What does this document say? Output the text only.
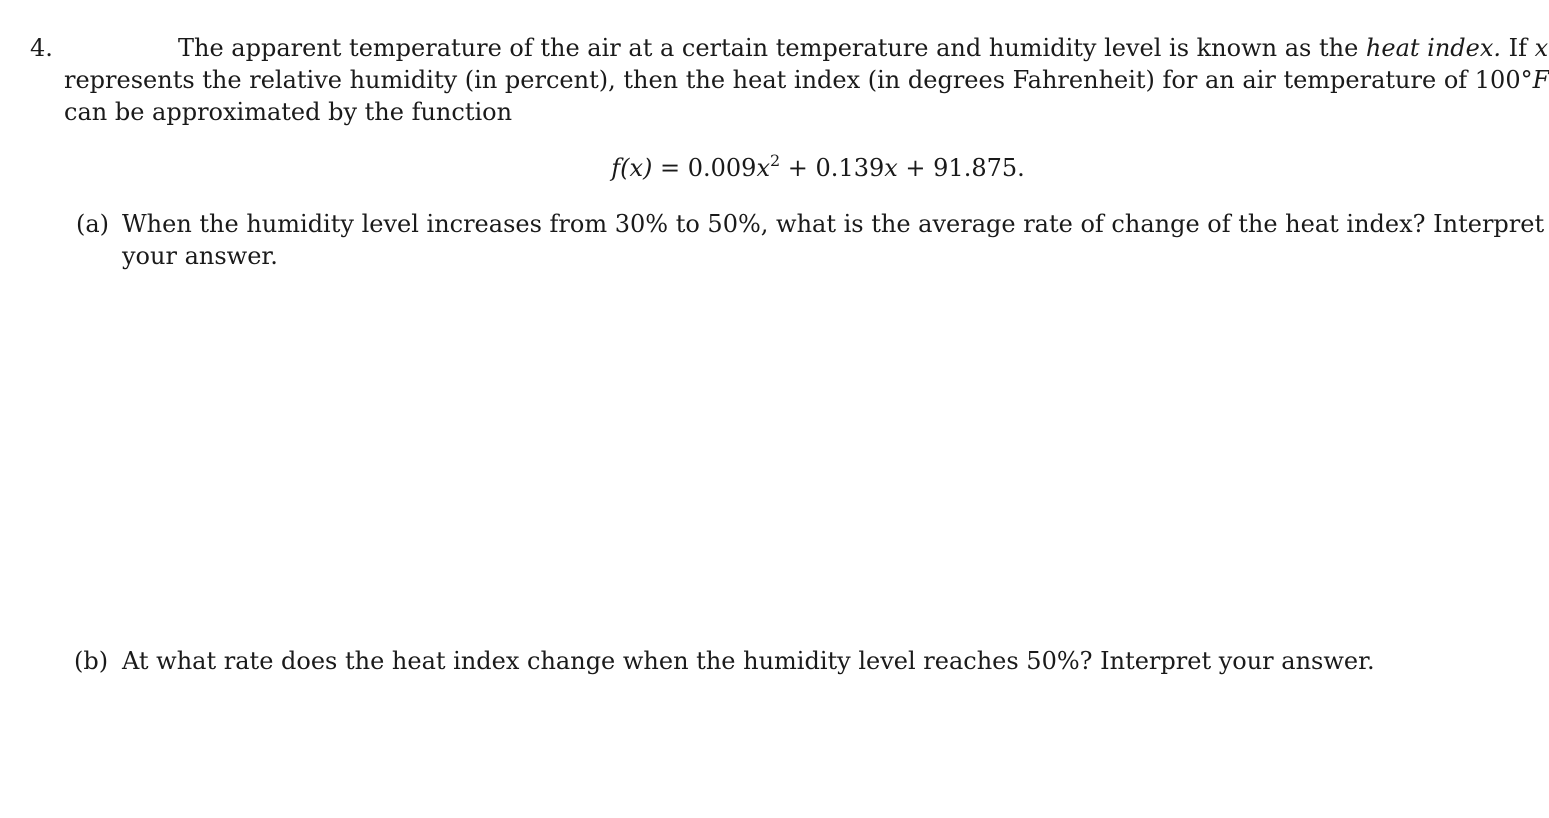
4.	The apparent temperature of the air at a certain temperature and humidity level is known as the heat index. If x
represents the relative humidity (in percent), then the heat index (in degrees Fahrenheit) for an air temperature of 100°F
can be approximated by the function
$f(x) = 0.009x^2 + 0.139x + 91.875$.
(a) When the humidity level increases from 30% to 50%, what is the average rate of change of the heat index? Interpret
your answer.
(b) At what rate does the heat index change when the humidity level reaches 50%? Interpret your answer.
